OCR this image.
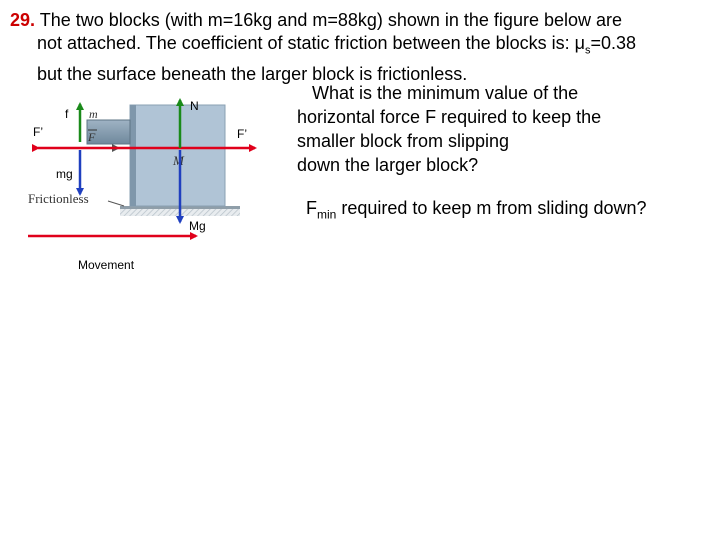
29. The two blocks (with m=16kg and m=88kg) shown in the figure below are
not attached. The coefficient of static friction between the blocks is: $\mu_s=0.38$
but the surface beneath the larger block is frictionless.

What is the minimum value of the
horizontal force F required to keep the
smaller block from slipping
down the larger block?
$F_{min}$ required to keep m from sliding down?
m
F
M
F’	F’
f
mg
N
Mg
Frictionless
Movement
